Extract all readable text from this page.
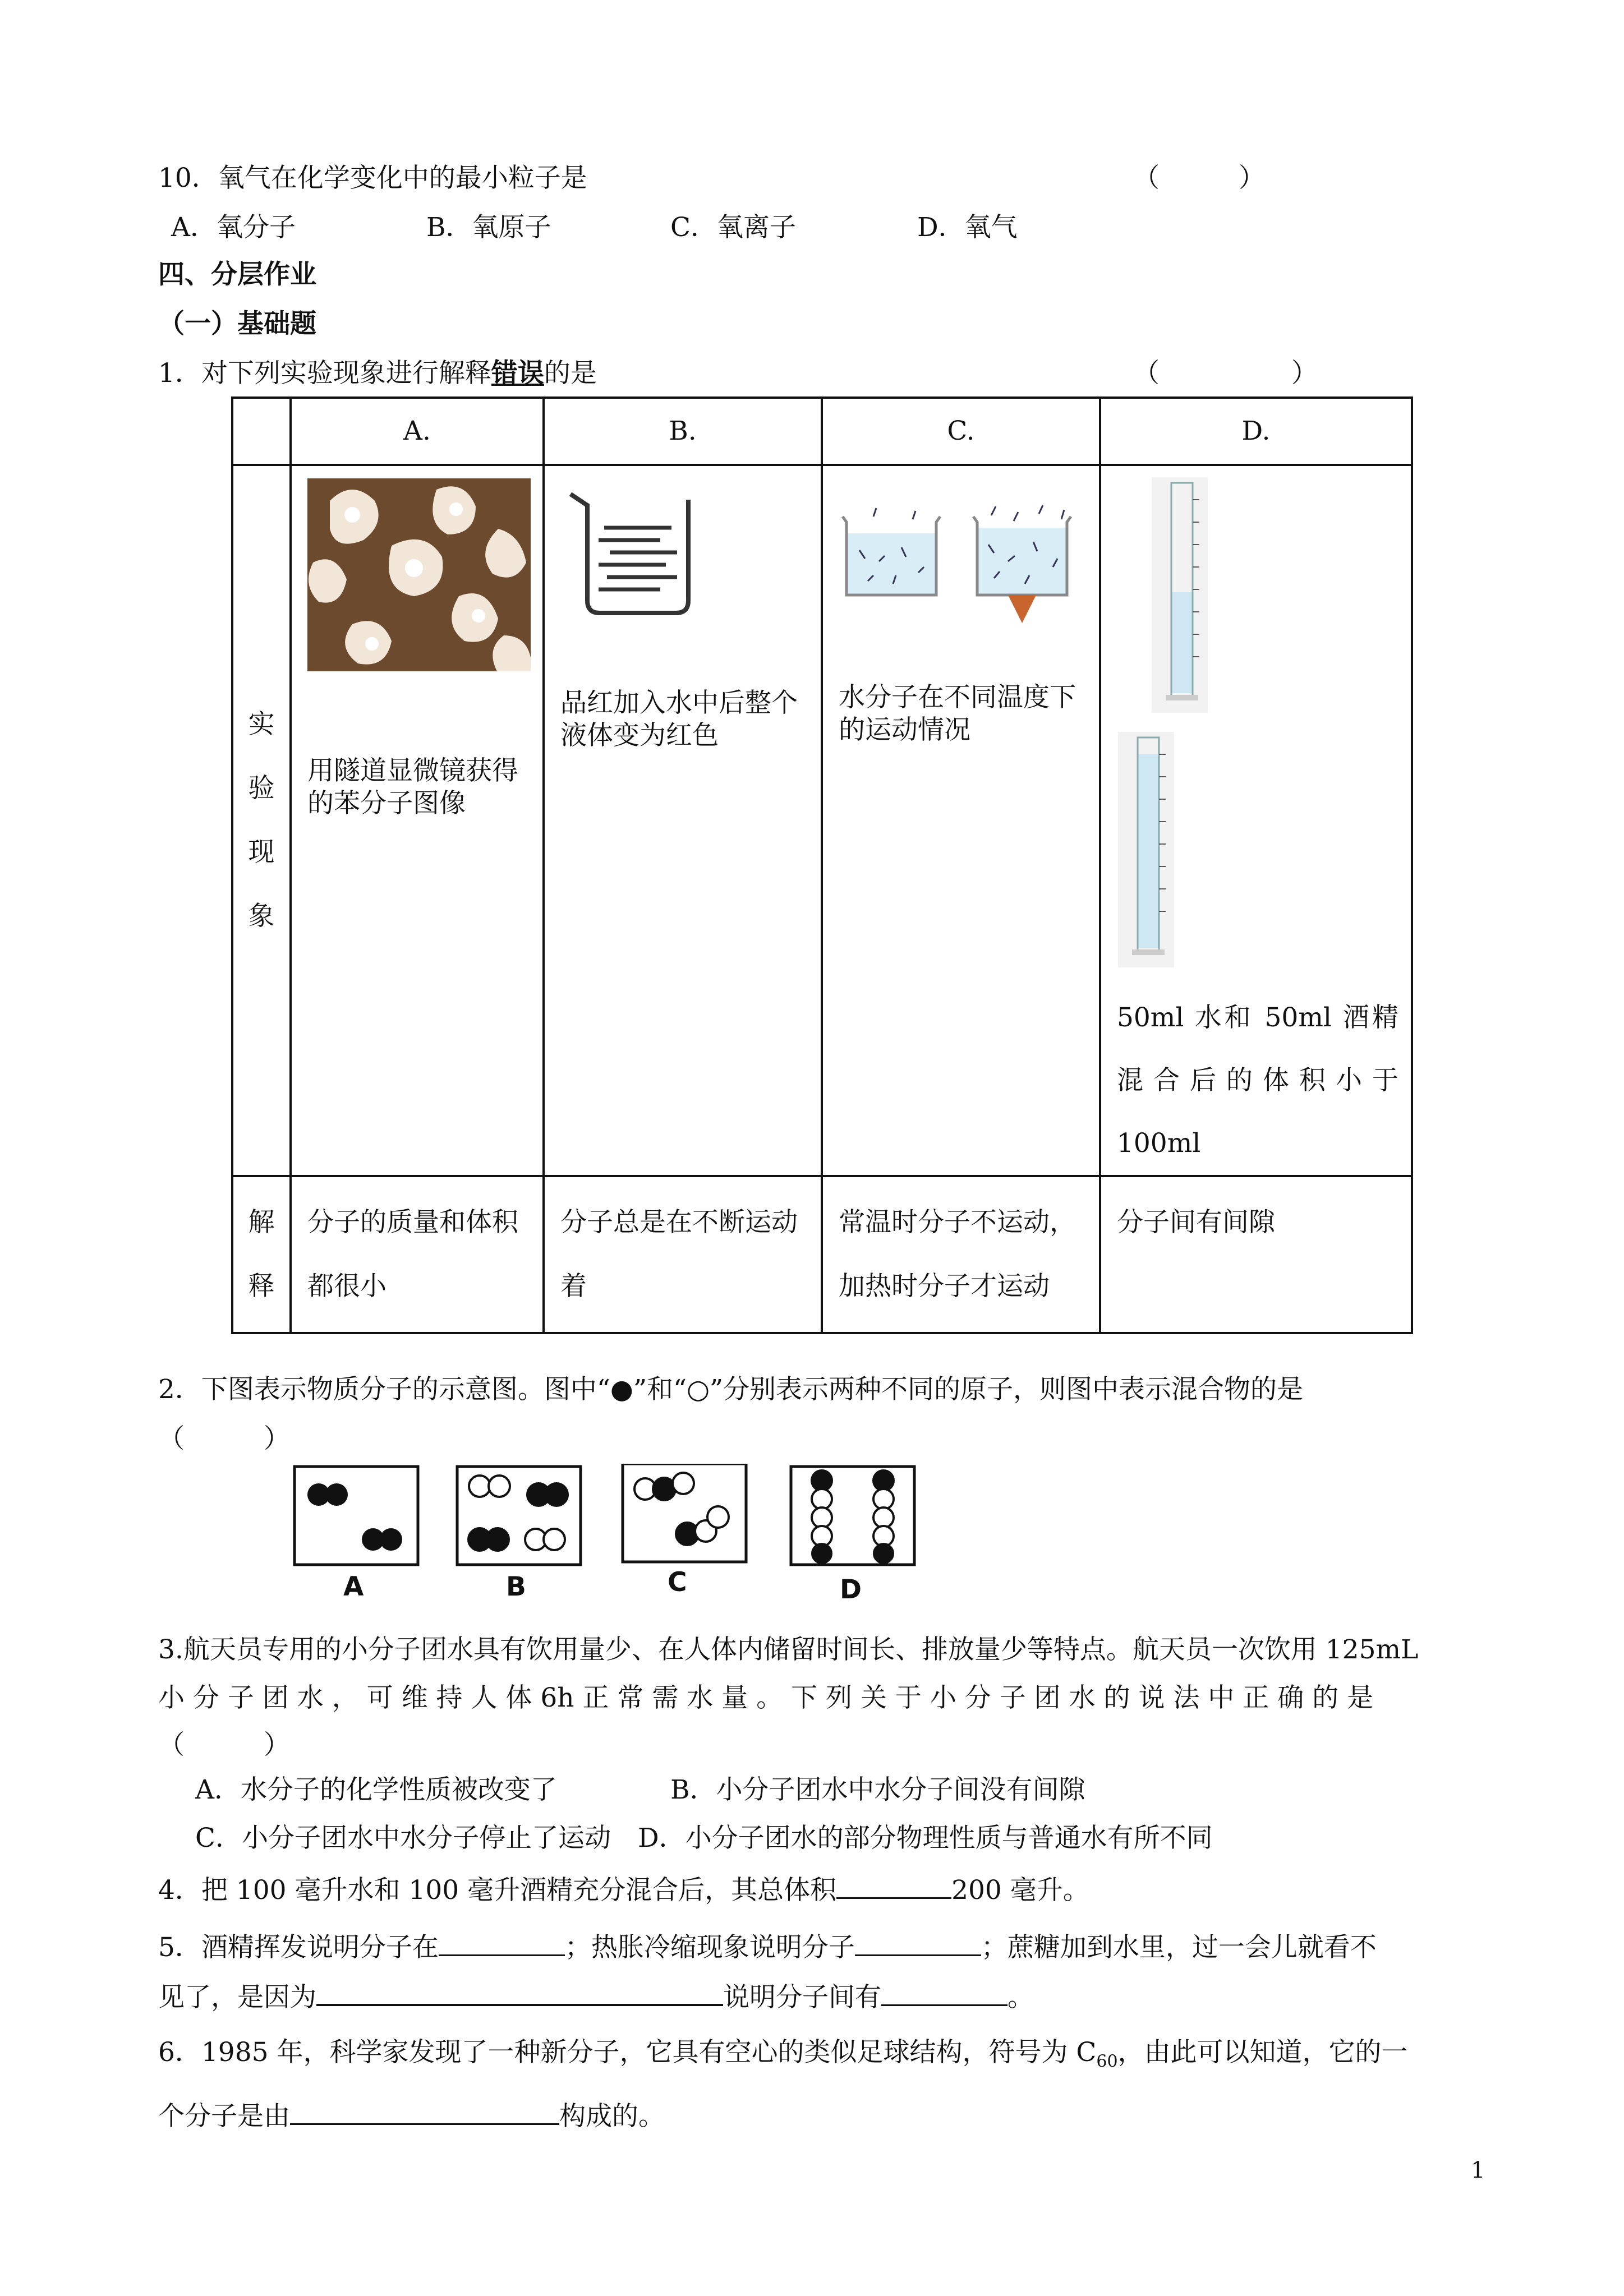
10．氧气在化学变化中的最小粒子是	（　　　）
A．氧分子	B．氧原子	C．氧离子	D．氧气
四、分层作业
（一）基础题
1．对下列实验现象进行解释错误的是	（　　　　　）
	A.	B.	C.	D.

实
验
现
象	用隧道显微镜获得的苯分子图像	品红加入水中后整个液体变为红色	水分子在不同温度下的运动情况	50ml 水和 50ml 酒精混合后的体积小于100ml

解
释	分子的质量和体积都很小	分子总是在不断运动着	常温时分子不运动，加热时分子才运动	分子间有间隙
2．下图表示物质分子的示意图。图中“●”和“○”分别表示两种不同的原子，则图中表示混合物的是
（　　　）
A	B	C	D
3.航天员专用的小分子团水具有饮用量少、在人体内储留时间长、排放量少等特点。航天员一次饮用 125mL
小 分 子 团 水 ， 可 维 持 人 体 6h 正 常 需 水 量 。 下 列 关 于 小 分 子 团 水 的 说 法 中 正 确 的 是
（　　　）
A．水分子的化学性质被改变了	B．小分子团水中水分子间没有间隙
C．小分子团水中水分子停止了运动 D．小分子团水的部分物理性质与普通水有所不同
4．把 100 毫升水和 100 毫升酒精充分混合后，其总体积	200 毫升。
5．酒精挥发说明分子在	；热胀冷缩现象说明分子	；蔗糖加到水里，过一会儿就看不
见了，是因为	说明分子间有	。
6．1985 年，科学家发现了一种新分子，它具有空心的类似足球结构，符号为 $C_{60}$，由此可以知道，它的一
个分子是由	构成的。
1
